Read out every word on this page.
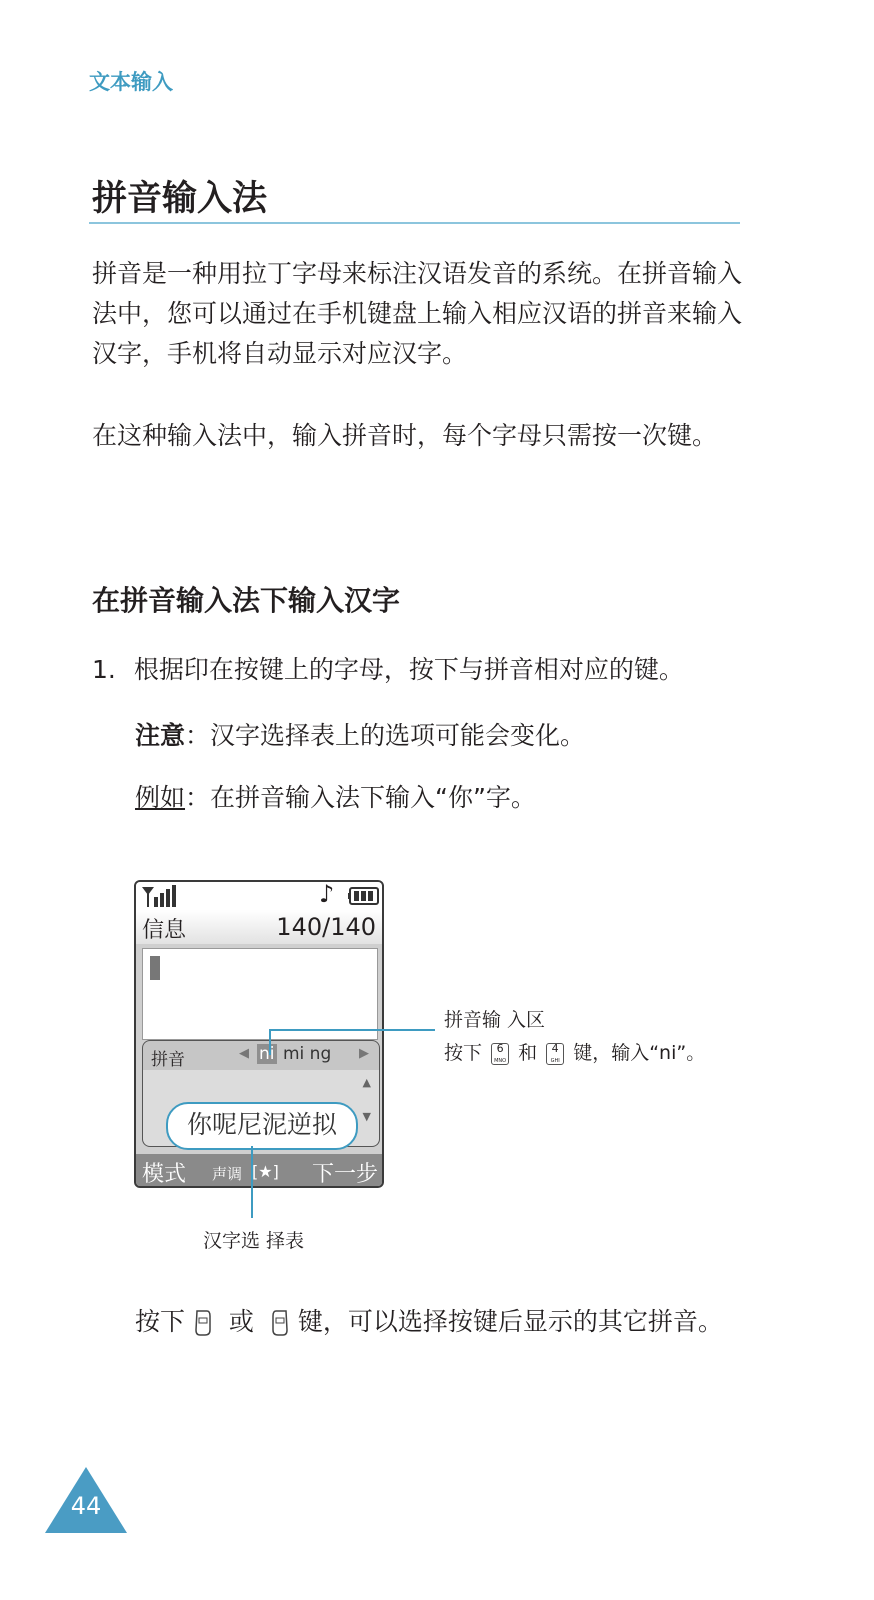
文本输入
拼音输入法
拼音是一种用拉丁字母来标注汉语发音的系统。在拼音输入法中，您可以通过在手机键盘上输入相应汉语的拼音来输入汉字，手机将自动显示对应汉字。
在这种输入法中，输入拼音时，每个字母只需按一次键。
在拼音输入法下输入汉字
1. 根据印在按键上的字母，按下与拼音相对应的键。
注意：汉字选择表上的选项可能会变化。
例如：在拼音输入法下输入“你”字。
♪
信息	140/140
拼音	◀ ni mi ng ▶
▲
▼
你呢尼泥逆拟
模式 声调 [★] 下一步
拼音输 入区
按下 6
MNO 和 4
GHI 键，输入“ni”。
汉字选 择表
按下 或 键，可以选择按键后显示的其它拼音。
44
